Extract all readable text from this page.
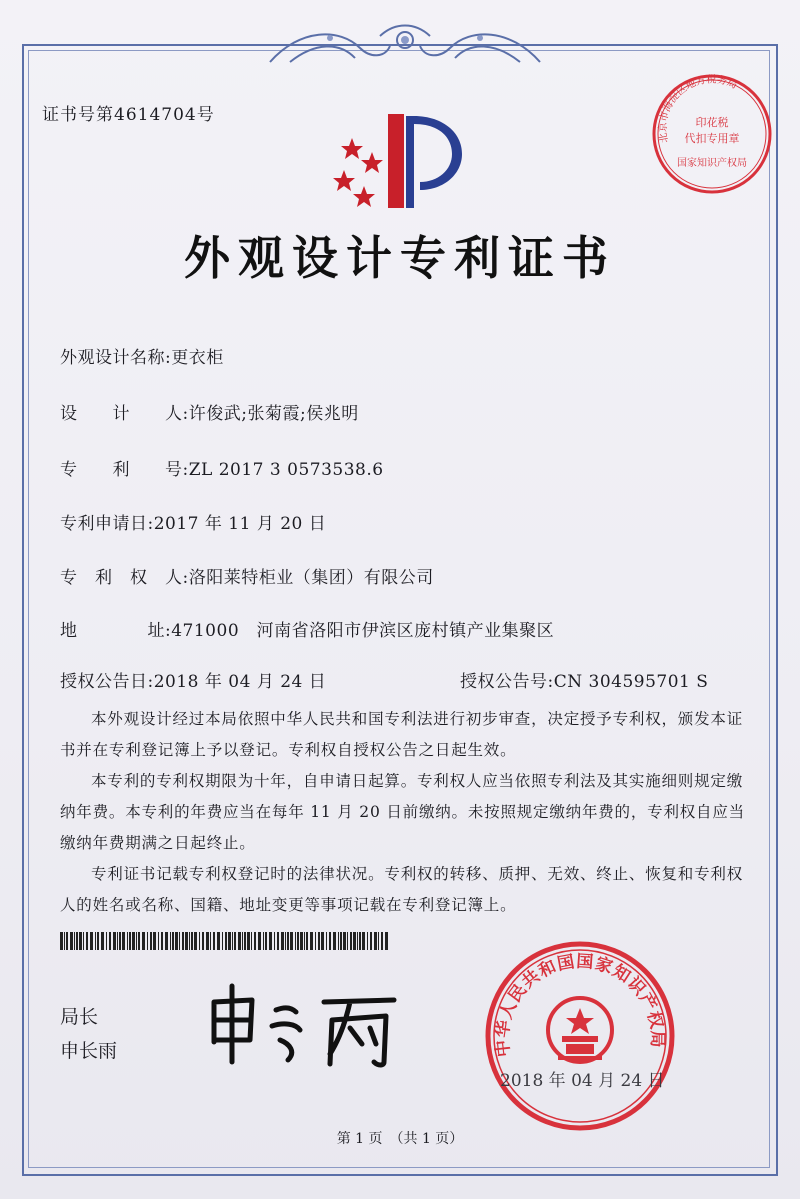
证书号第4614704号
外观设计专利证书
北京市海淀区地方税务局
印花税
代扣专用章
国家知识产权局
外观设计名称:更衣柜
设　　计　　人:许俊武;张菊霞;侯兆明
专　　利　　号:ZL 2017 3 0573538.6
专利申请日:2017 年 11 月 20 日
专　利　权　人:洛阳莱特柜业（集团）有限公司
地　　　　址:471000　河南省洛阳市伊滨区庞村镇产业集聚区
授权公告日:2018 年 04 月 24 日	授权公告号:CN 304595701 S

本外观设计经过本局依照中华人民共和国专利法进行初步审查，决定授予专利权，颁发本证书并在专利登记簿上予以登记。专利权自授权公告之日起生效。

本专利的专利权期限为十年，自申请日起算。专利权人应当依照专利法及其实施细则规定缴纳年费。本专利的年费应当在每年 11 月 20 日前缴纳。未按照规定缴纳年费的，专利权自应当缴纳年费期满之日起终止。

专利证书记载专利权登记时的法律状况。专利权的转移、质押、无效、终止、恢复和专利权人的姓名或名称、国籍、地址变更等事项记载在专利登记簿上。

局长
申长雨	中华人民共和国国家知识产权局
2018 年 04 月 24 日
第 1 页　（共 1 页）
